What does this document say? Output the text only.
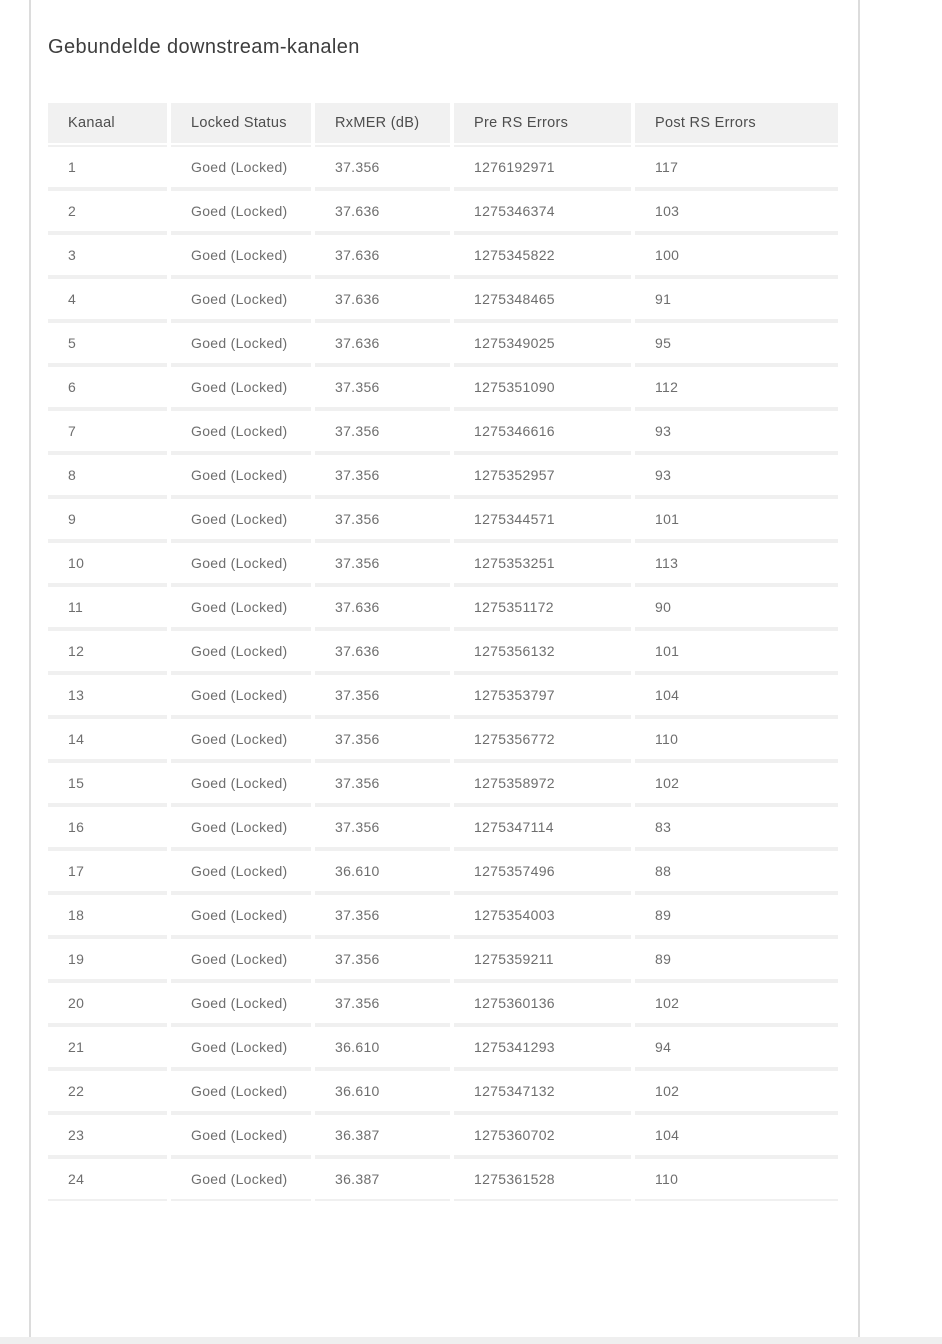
Gebundelde downstream-kanalen
Kanaal	Locked Status	RxMER (dB)	Pre RS Errors	Post RS Errors
1	Goed (Locked)	37.356	1276192971	117
2	Goed (Locked)	37.636	1275346374	103
3	Goed (Locked)	37.636	1275345822	100
4	Goed (Locked)	37.636	1275348465	91
5	Goed (Locked)	37.636	1275349025	95
6	Goed (Locked)	37.356	1275351090	112
7	Goed (Locked)	37.356	1275346616	93
8	Goed (Locked)	37.356	1275352957	93
9	Goed (Locked)	37.356	1275344571	101
10	Goed (Locked)	37.356	1275353251	113
11	Goed (Locked)	37.636	1275351172	90
12	Goed (Locked)	37.636	1275356132	101
13	Goed (Locked)	37.356	1275353797	104
14	Goed (Locked)	37.356	1275356772	110
15	Goed (Locked)	37.356	1275358972	102
16	Goed (Locked)	37.356	1275347114	83
17	Goed (Locked)	36.610	1275357496	88
18	Goed (Locked)	37.356	1275354003	89
19	Goed (Locked)	37.356	1275359211	89
20	Goed (Locked)	37.356	1275360136	102
21	Goed (Locked)	36.610	1275341293	94
22	Goed (Locked)	36.610	1275347132	102
23	Goed (Locked)	36.387	1275360702	104
24	Goed (Locked)	36.387	1275361528	110
